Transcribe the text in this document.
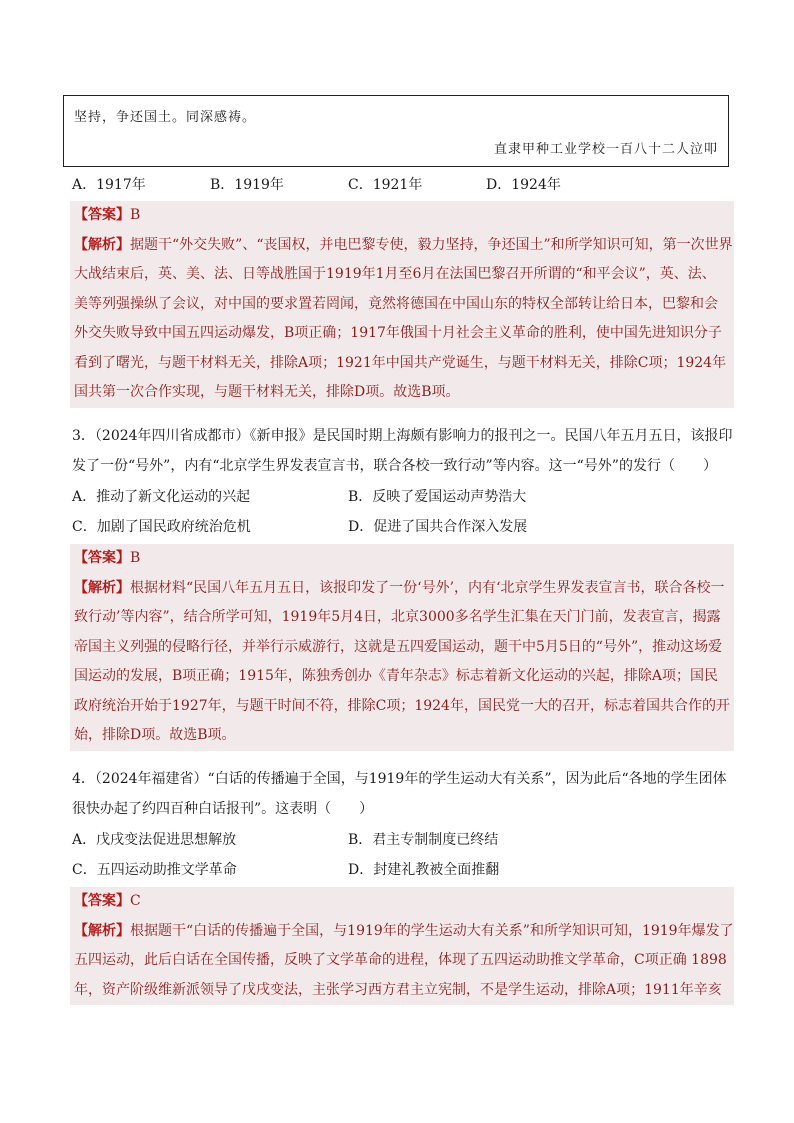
坚持，争还国土。同深感祷。
直隶甲种工业学校一百八十二人泣叩
A．1917年	B．1919年	C．1921年	D．1924年
【答案】B
【解析】据题干“外交失败”、“丧国权，并电巴黎专使，毅力坚持，争还国土”和所学知识可知，第一次世界
大战结束后，英、美、法、日等战胜国于1919年1月至6月在法国巴黎召开所谓的“和平会议”，英、法、
美等列强操纵了会议，对中国的要求置若罔闻，竟然将德国在中国山东的特权全部转让给日本，巴黎和会
外交失败导致中国五四运动爆发，B项正确；1917年俄国十月社会主义革命的胜利，使中国先进知识分子
看到了曙光，与题干材料无关，排除A项；1921年中国共产党诞生，与题干材料无关，排除C项；1924年
国共第一次合作实现，与题干材料无关，排除D项。故选B项。
3．（2024年四川省成都市）《新申报》是民国时期上海颇有影响力的报刊之一。民国八年五月五日，该报印
发了一份“号外”，内有“北京学生界发表宣言书，联合各校一致行动”等内容。这一“号外”的发行（　　）
A．推动了新文化运动的兴起	B．反映了爱国运动声势浩大
C．加剧了国民政府统治危机	D．促进了国共合作深入发展
【答案】B
【解析】根据材料“民国八年五月五日，该报印发了一份‘号外’，内有‘北京学生界发表宣言书，联合各校一
致行动’等内容”，结合所学可知，1919年5月4日，北京3000多名学生汇集在天门门前，发表宣言，揭露
帝国主义列强的侵略行径，并举行示威游行，这就是五四爱国运动，题干中5月5日的“号外”，推动这场爱
国运动的发展，B项正确；1915年，陈独秀创办《青年杂志》标志着新文化运动的兴起，排除A项；国民
政府统治开始于1927年，与题干时间不符，排除C项；1924年，国民党一大的召开，标志着国共合作的开
始，排除D项。故选B项。
4．（2024年福建省）“白话的传播遍于全国，与1919年的学生运动大有关系”，因为此后“各地的学生团体
很快办起了约四百种白话报刊”。这表明（　　）
A．戊戌变法促进思想解放	B．君主专制制度已终结
C．五四运动助推文学革命	D．封建礼教被全面推翻
【答案】C
【解析】根据题干“白话的传播遍于全国，与1919年的学生运动大有关系”和所学知识可知，1919年爆发了
五四运动，此后白话在全国传播，反映了文学革命的进程，体现了五四运动助推文学革命，C项正确 1898
年，资产阶级维新派领导了戊戌变法，主张学习西方君主立宪制，不是学生运动，排除A项；1911年辛亥
